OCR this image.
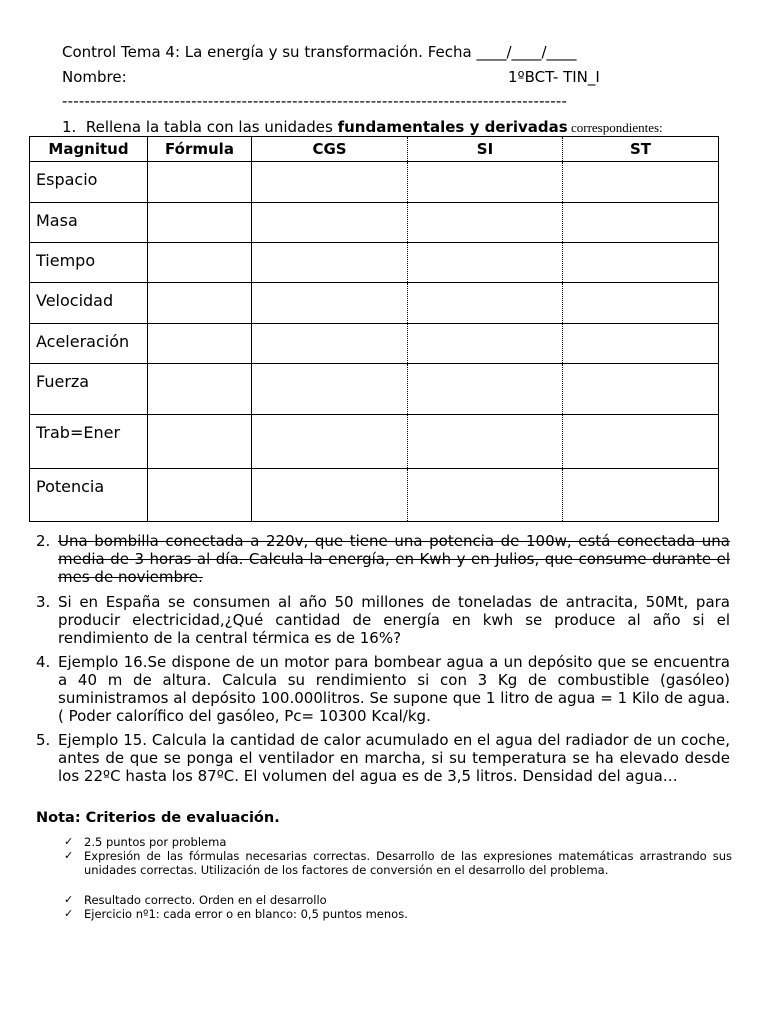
Control Tema 4: La energía y su transformación. Fecha ____/____/____
Nombre:	1ºBCT- TIN_I
------------------------------------------------------------------------------------------
1. Rellena la tabla con las unidades fundamentales y derivadas correspondientes:
Magnitud	Fórmula	CGS	SI	ST
Espacio				
Masa				
Tiempo				
Velocidad				
Aceleración				
Fuerza				
Trab=Ener				
Potencia				
2. Una bombilla conectada a 220v, que tiene una potencia de 100w, está conectada una media de 3 horas al día. Calcula la energía, en Kwh y en Julios, que consume durante el mes de noviembre.
3. Si en España se consumen al año 50 millones de toneladas de antracita, 50Mt, para producir electricidad,¿Qué cantidad de energía en kwh se produce al año si el rendimiento de la central térmica es de 16%?
4. Ejemplo 16.Se dispone de un motor para bombear agua a un depósito que se encuentra a 40 m de altura. Calcula su rendimiento si con 3 Kg de combustible (gasóleo) suministramos al depósito 100.000litros. Se supone que 1 litro de agua = 1 Kilo de agua. ( Poder calorífico del gasóleo, Pc= 10300 Kcal/kg.
5. Ejemplo 15. Calcula la cantidad de calor acumulado en el agua del radiador de un coche, antes de que se ponga el ventilador en marcha, si su temperatura se ha elevado desde los 22ºC hasta los 87ºC. El volumen del agua es de 3,5 litros. Densidad del agua…
Nota: Criterios de evaluación.
✓ 2.5 puntos por problema
✓ Expresión de las fórmulas necesarias correctas. Desarrollo de las expresiones matemáticas arrastrando sus unidades correctas. Utilización de los factores de conversión en el desarrollo del problema.
✓ Resultado correcto. Orden en el desarrollo
✓ Ejercicio nº1: cada error o en blanco: 0,5 puntos menos.
